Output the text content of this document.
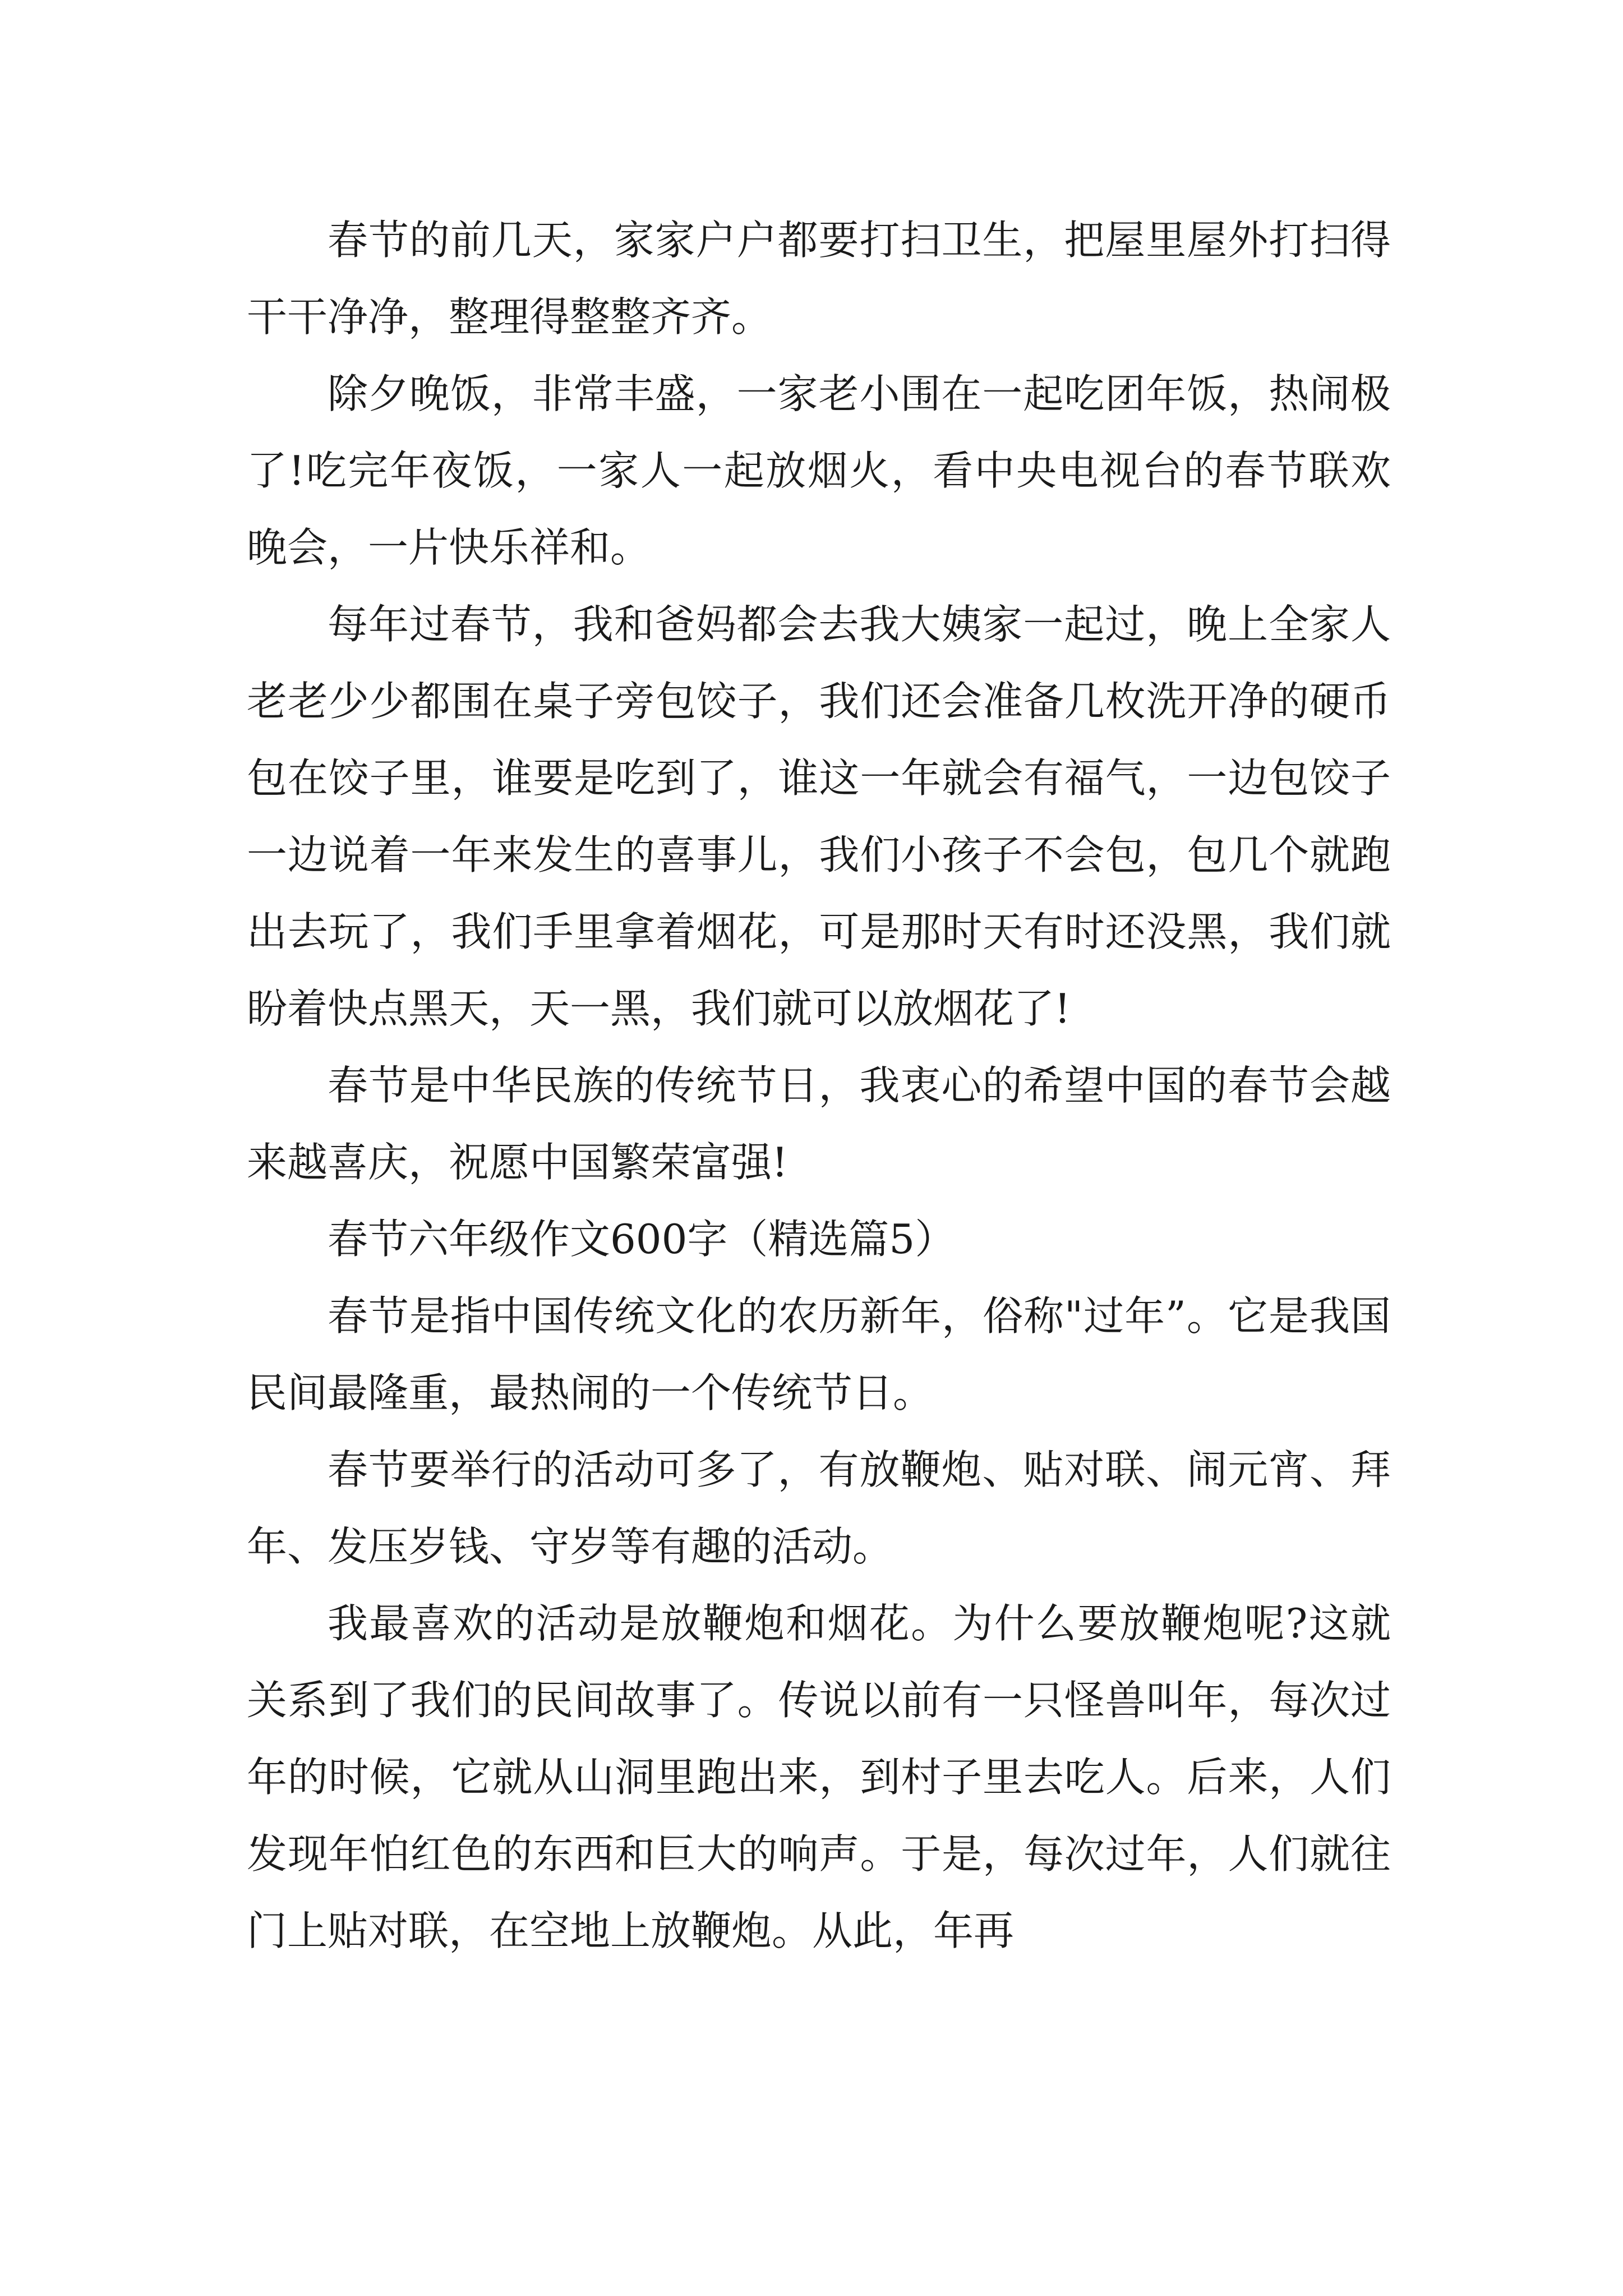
春节的前几天，家家户户都要打扫卫生，把屋里屋外打扫得干干净净，整理得整整齐齐。

除夕晚饭，非常丰盛，一家老小围在一起吃团年饭，热闹极了!吃完年夜饭，一家人一起放烟火，看中央电视台的春节联欢晚会，一片快乐祥和。

每年过春节，我和爸妈都会去我大姨家一起过，晚上全家人老老少少都围在桌子旁包饺子，我们还会准备几枚洗开净的硬币包在饺子里，谁要是吃到了，谁这一年就会有福气，一边包饺子一边说着一年来发生的喜事儿，我们小孩子不会包，包几个就跑出去玩了，我们手里拿着烟花，可是那时天有时还没黑，我们就盼着快点黑天，天一黑，我们就可以放烟花了!

春节是中华民族的传统节日，我衷心的希望中国的春节会越来越喜庆，祝愿中国繁荣富强!

春节六年级作文600字（精选篇5）

春节是指中国传统文化的农历新年，俗称"过年”。它是我国民间最隆重，最热闹的一个传统节日。

春节要举行的活动可多了，有放鞭炮、贴对联、闹元宵、拜年、发压岁钱、守岁等有趣的活动。

我最喜欢的活动是放鞭炮和烟花。为什么要放鞭炮呢?这就关系到了我们的民间故事了。传说以前有一只怪兽叫年，每次过年的时候，它就从山洞里跑出来，到村子里去吃人。后来，人们发现年怕红色的东西和巨大的响声。于是，每次过年，人们就往门上贴对联，在空地上放鞭炮。从此，年再
